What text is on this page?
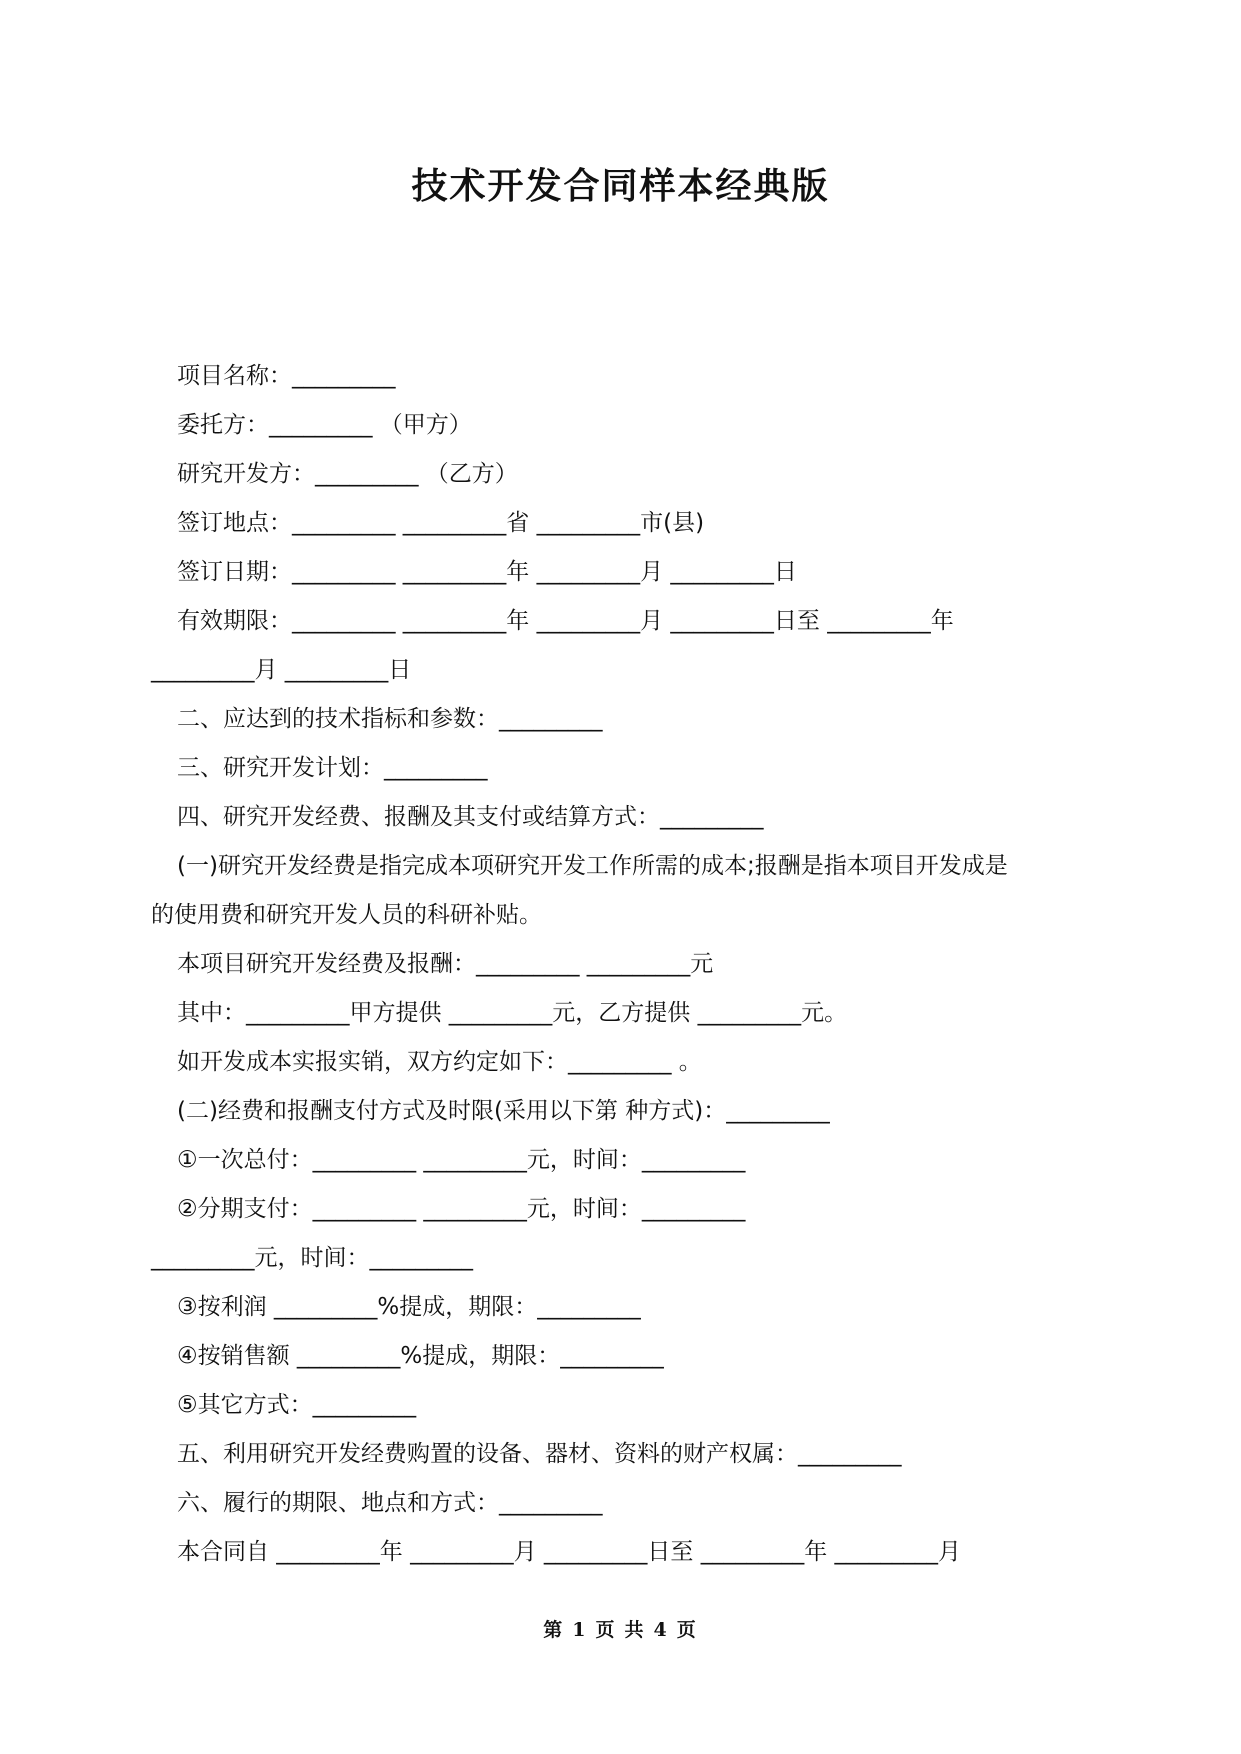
技术开发合同样本经典版

项目名称：_________

委托方：_________ （甲方）

研究开发方：_________ （乙方）

签订地点：_________ _________省 _________市(县)

签订日期：_________ _________年 _________月 _________日

有效期限：_________ _________年 _________月 _________日至 _________年

_________月 _________日

二、应达到的技术指标和参数：_________

三、研究开发计划：_________

四、研究开发经费、报酬及其支付或结算方式：_________

(一)研究开发经费是指完成本项研究开发工作所需的成本;报酬是指本项目开发成是

的使用费和研究开发人员的科研补贴。

本项目研究开发经费及报酬：_________ _________元

其中：_________甲方提供 _________元，乙方提供 _________元。

如开发成本实报实销，双方约定如下：_________ 。

(二)经费和报酬支付方式及时限(采用以下第 种方式)：_________

①一次总付：_________ _________元，时间：_________

②分期支付：_________ _________元，时间：_________

_________元，时间：_________

③按利润 _________%提成，期限：_________

④按销售额 _________%提成，期限：_________

⑤其它方式：_________

五、利用研究开发经费购置的设备、器材、资料的财产权属：_________

六、履行的期限、地点和方式：_________

本合同自 _________年 _________月 _________日至 _________年 _________月

第 1 页 共 4 页
